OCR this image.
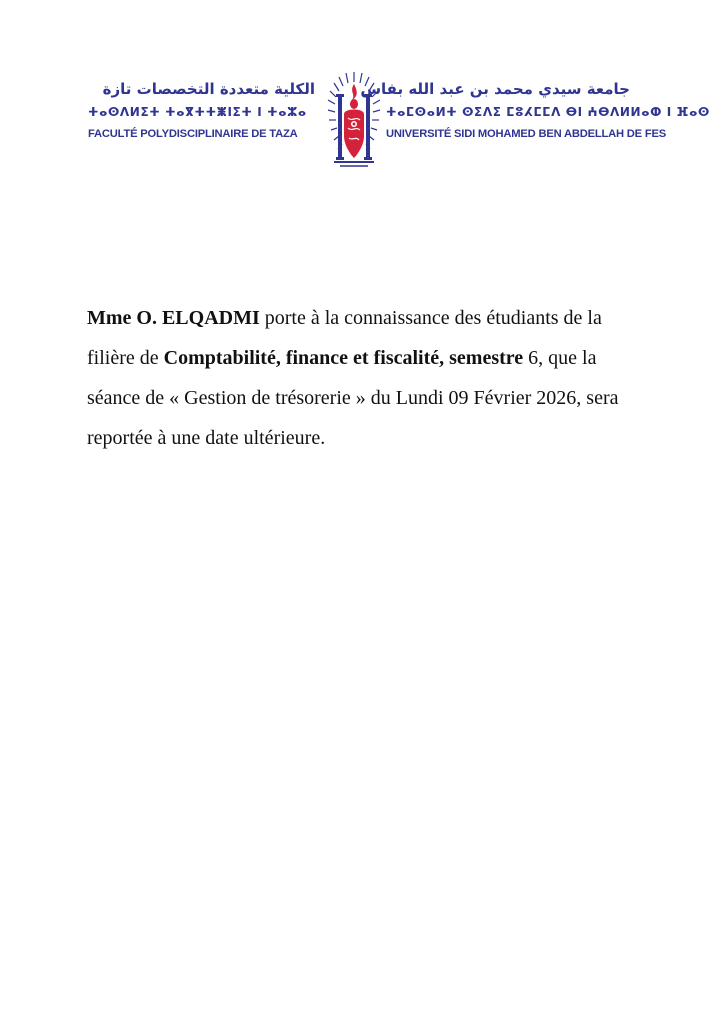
الكلية متعددة التخصصات تازة
ⵜⴰⵙⴷⵍⵉⵜ ⵜⴰⴳⵜⵜⵥⵏⵉⵜ ⵏ ⵜⴰⵣⴰ
FACULTÉ POLYDISCIPLINAIRE DE TAZA
جامعة سيدي محمد بن عبد الله بفاس
ⵜⴰⵎⵙⴰⵍⵜ ⵙⵉⴷⵉ ⵎⵓⵃⵎⵎⴷ ⴱⵏ ⵄⴱⴷⵍⵍⴰⵀ ⵏ ⴼⴰⵙ
UNIVERSITÉ SIDI MOHAMED BEN ABDELLAH DE FES

Mme O. ELQADMI porte à la connaissance des étudiants de la filière de Comptabilité, finance et fiscalité, semestre 6, que la séance de « Gestion de trésorerie » du Lundi 09 Février 2026, sera reportée à une date ultérieure.
